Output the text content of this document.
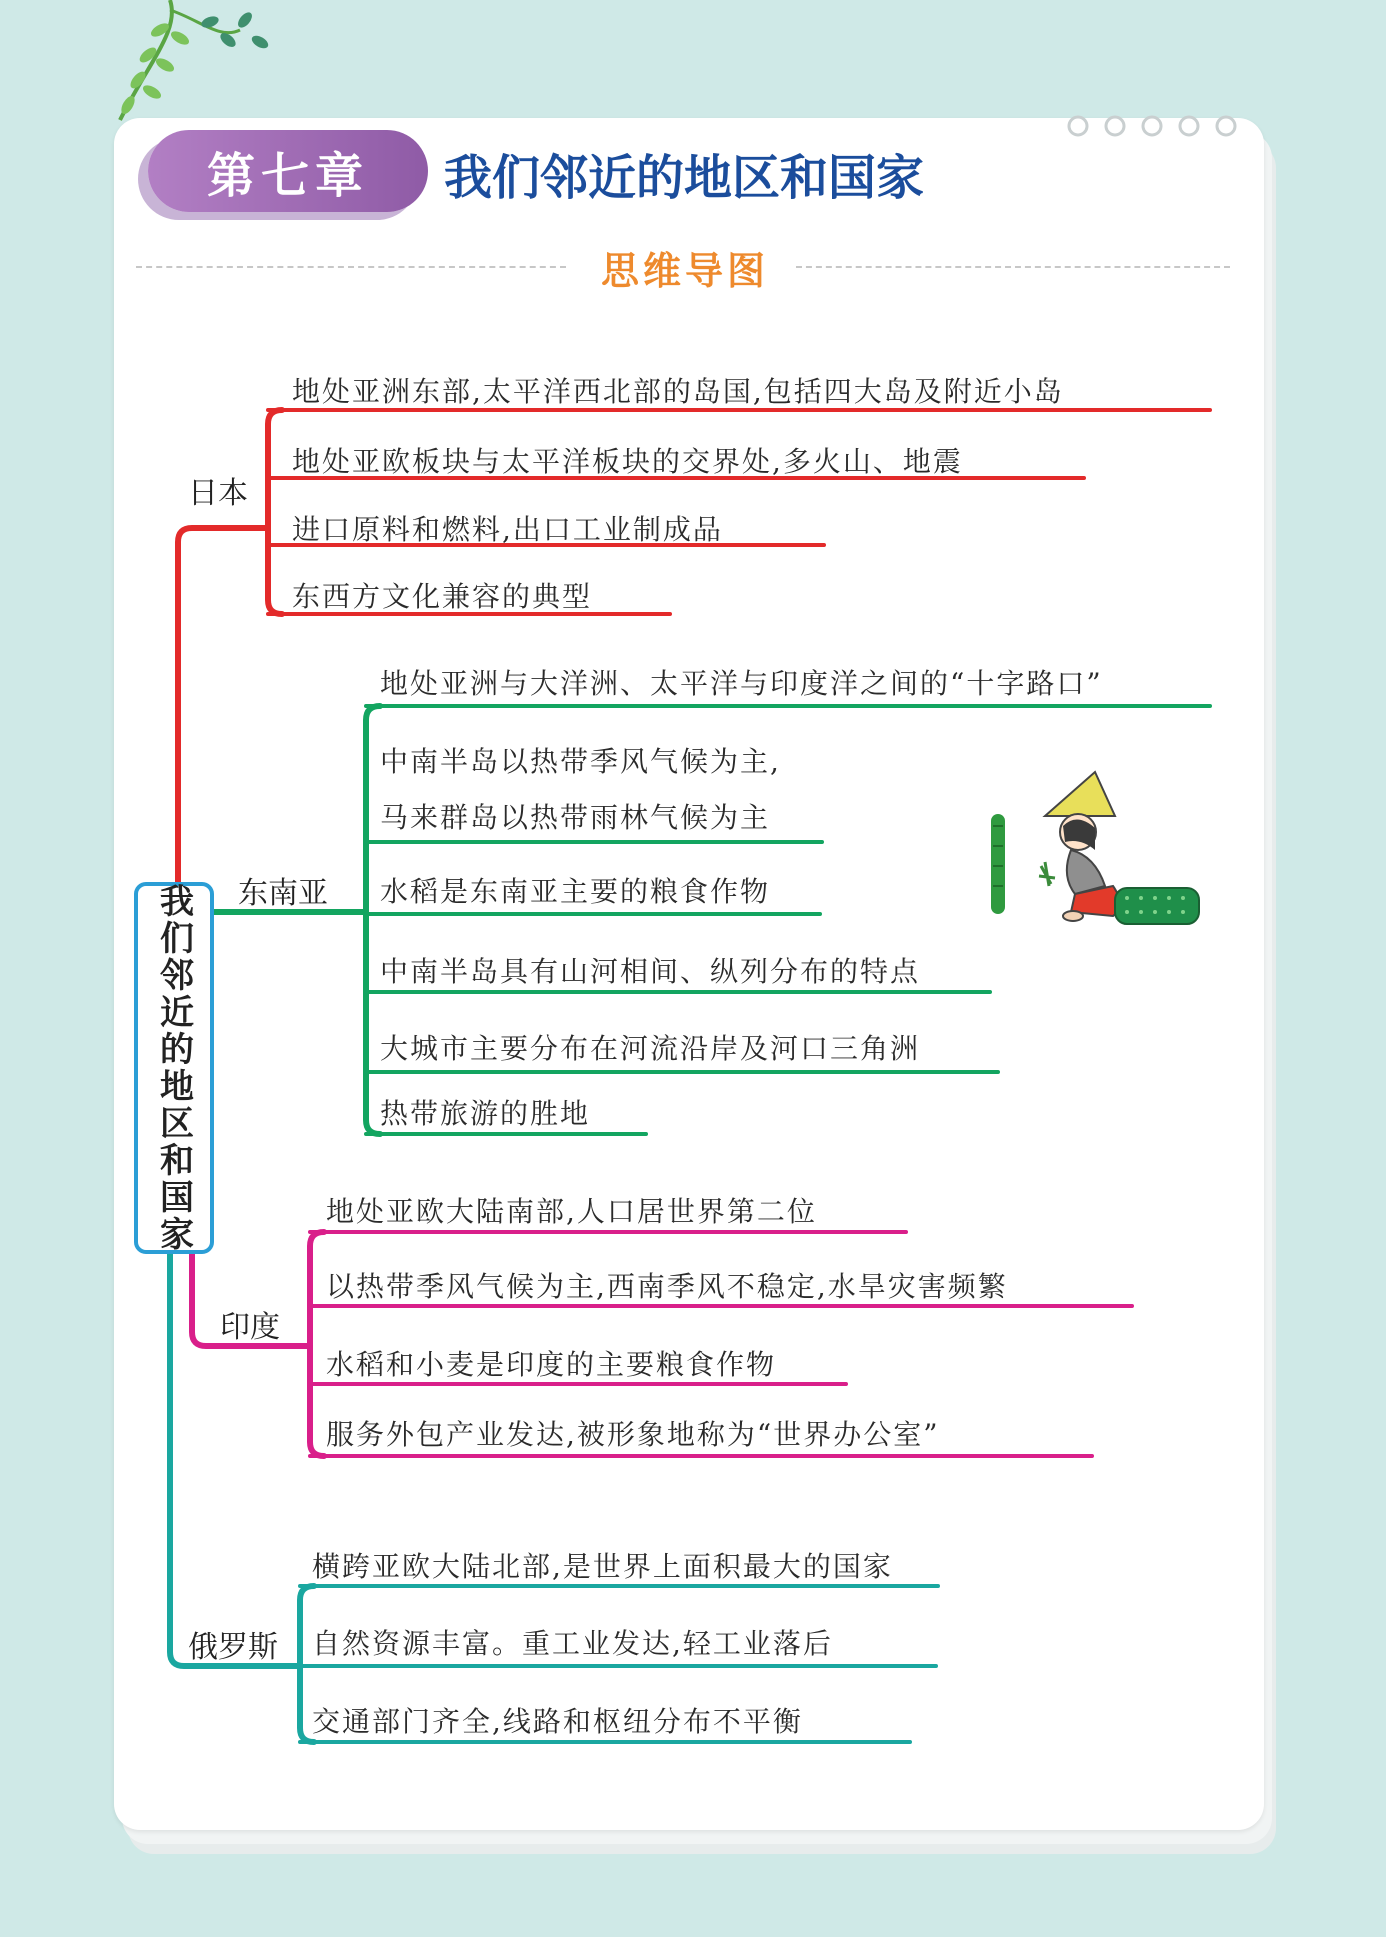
第七章	我们邻近的地区和国家
思维导图
我们邻近的地区和国家
日本
东南亚
印度
俄罗斯
地处亚洲东部,太平洋西北部的岛国,包括四大岛及附近小岛
地处亚欧板块与太平洋板块的交界处,多火山、地震
进口原料和燃料,出口工业制成品
东西方文化兼容的典型
地处亚洲与大洋洲、太平洋与印度洋之间的“十字路口”
中南半岛以热带季风气候为主,
马来群岛以热带雨林气候为主
水稻是东南亚主要的粮食作物
中南半岛具有山河相间、纵列分布的特点
大城市主要分布在河流沿岸及河口三角洲
热带旅游的胜地
地处亚欧大陆南部,人口居世界第二位
以热带季风气候为主,西南季风不稳定,水旱灾害频繁
水稻和小麦是印度的主要粮食作物
服务外包产业发达,被形象地称为“世界办公室”
横跨亚欧大陆北部,是世界上面积最大的国家
自然资源丰富。重工业发达,轻工业落后
交通部门齐全,线路和枢纽分布不平衡
